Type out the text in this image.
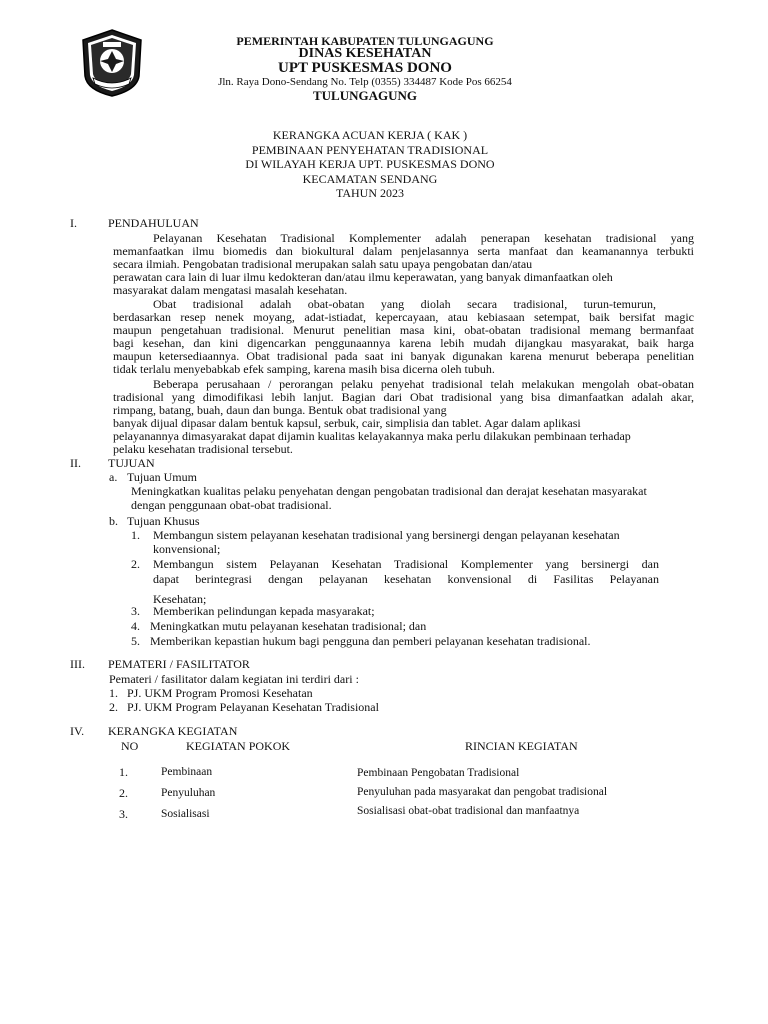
PEMERINTAH KABUPATEN TULUNGAGUNG
DINAS KESEHATAN
UPT PUSKESMAS DONO
Jln. Raya Dono-Sendang No. Telp (0355) 334487 Kode Pos 66254
TULUNGAGUNG
KERANGKA ACUAN KERJA ( KAK )
PEMBINAAN PENYEHATAN TRADISIONAL
DI WILAYAH KERJA UPT. PUSKESMAS DONO
KECAMATAN SENDANG
TAHUN 2023
I.	PENDAHULUAN
Pelayanan Kesehatan Tradisional Komplementer adalah penerapan kesehatan tradisional yang
memanfaatkan ilmu biomedis dan biokultural dalam penjelasannya serta manfaat dan keamanannya terbukti
secara ilmiah. Pengobatan tradisional merupakan salah satu upaya pengobatan dan/atau
perawatan cara lain di luar ilmu kedokteran dan/atau ilmu keperawatan, yang banyak dimanfaatkan oleh
masyarakat dalam mengatasi masalah kesehatan.
Obat tradisional adalah obat-obatan yang diolah secara tradisional, turun-temurun,
berdasarkan resep nenek moyang, adat-istiadat, kepercayaan, atau kebiasaan setempat, baik bersifat magic
maupun pengetahuan tradisional. Menurut penelitian masa kini, obat-obatan tradisional memang bermanfaat
bagi kesehan, dan kini digencarkan penggunaannya karena lebih mudah dijangkau masyarakat, baik harga
maupun ketersediaannya. Obat tradisional pada saat ini banyak digunakan karena menurut beberapa penelitian
tidak terlalu menyebabkab efek samping, karena masih bisa dicerna oleh tubuh.
Beberapa perusahaan / perorangan pelaku penyehat tradisional telah melakukan mengolah obat-obatan
tradisional yang dimodifikasi lebih lanjut. Bagian dari Obat tradisional yang bisa dimanfaatkan adalah akar,
rimpang, batang, buah, daun dan bunga. Bentuk obat tradisional yang
banyak dijual dipasar dalam bentuk kapsul, serbuk, cair, simplisia dan tablet. Agar dalam aplikasi
pelayanannya dimasyarakat dapat dijamin kualitas kelayakannya maka perlu dilakukan pembinaan terhadap
pelaku kesehatan tradisional tersebut.
II. TUJUAN
a. Tujuan Umum
Meningkatkan kualitas pelaku penyehatan dengan pengobatan tradisional dan derajat kesehatan masyarakat
dengan penggunaan obat-obat tradisional.
b. Tujuan Khusus
1. Membangun sistem pelayanan kesehatan tradisional yang bersinergi dengan pelayanan kesehatan
konvensional;
2. Membangun sistem Pelayanan Kesehatan Tradisional Komplementer yang bersinergi dan
dapat berintegrasi dengan pelayanan kesehatan konvensional di Fasilitas Pelayanan
Kesehatan;
3. Memberikan pelindungan kepada masyarakat;
4. Meningkatkan mutu pelayanan kesehatan tradisional; dan
5. Memberikan kepastian hukum bagi pengguna dan pemberi pelayanan kesehatan tradisional.
III. PEMATERI / FASILITATOR
Pemateri / fasilitator dalam kegiatan ini terdiri dari :
1. PJ. UKM Program Promosi Kesehatan
2. PJ. UKM Program Pelayanan Kesehatan Tradisional
IV. KERANGKA KEGIATAN
NO	KEGIATAN POKOK	RINCIAN KEGIATAN
1.	Pembinaan	Pembinaan Pengobatan Tradisional
2.	Penyuluhan	Penyuluhan pada masyarakat dan pengobat tradisional
3.	Sosialisasi	Sosialisasi obat-obat tradisional dan manfaatnya
